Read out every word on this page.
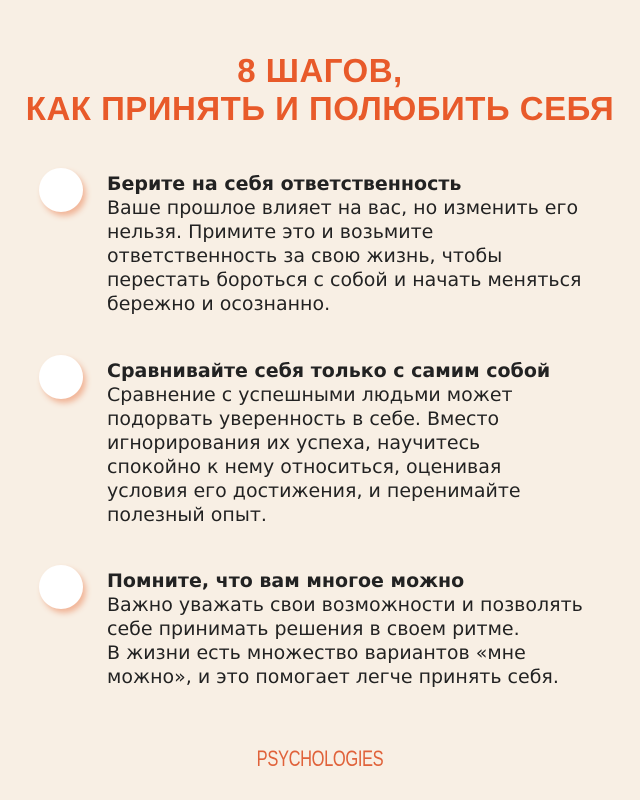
8 ШАГОВ,
КАК ПРИНЯТЬ И ПОЛЮБИТЬ СЕБЯ
Берите на себя ответственность
Ваше прошлое влияет на вас, но изменить его
нельзя. Примите это и возьмите
ответственность за свою жизнь, чтобы
перестать бороться с собой и начать меняться
бережно и осознанно.
Сравнивайте себя только с самим собой
Сравнение с успешными людьми может
подорвать уверенность в себе. Вместо
игнорирования их успеха, научитесь
спокойно к нему относиться, оценивая
условия его достижения, и перенимайте
полезный опыт.
Помните, что вам многое можно
Важно уважать свои возможности и позволять
себе принимать решения в своем ритме.
В жизни есть множество вариантов «мне
можно», и это помогает легче принять себя.
PSYCHOLOGIES
